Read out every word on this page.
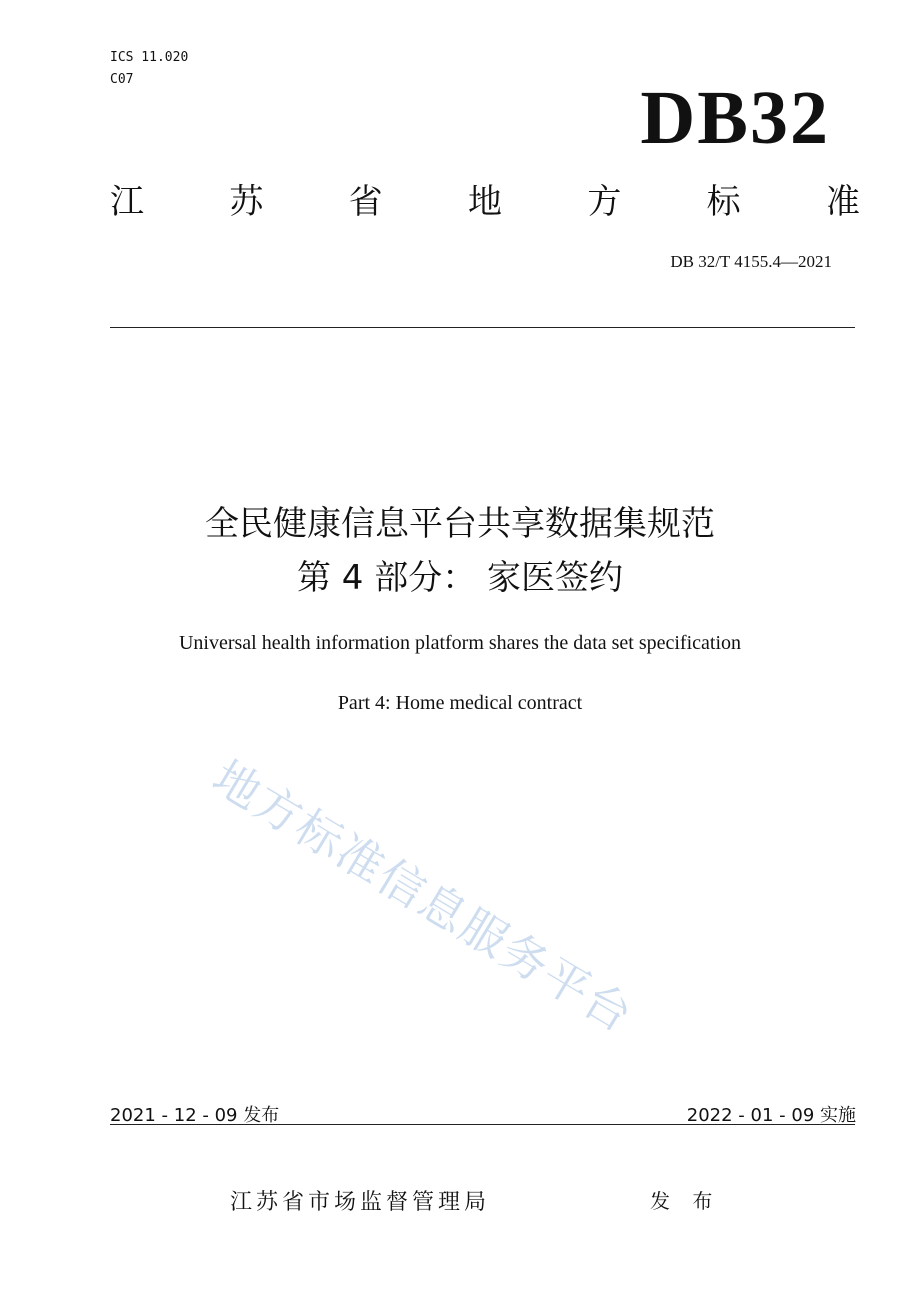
ICS 11.020
C07	DB32
江	苏	省	地	方	标	准
DB 32/T 4155.4—2021
全民健康信息平台共享数据集规范
第 4 部分： 家医签约
Universal health information platform shares the data set specification
Part 4: Home medical contract
地方标准信息服务平台
2021 - 12 - 09 发布	2022 - 01 - 09 实施
江苏省市场监督管理局	发 布
